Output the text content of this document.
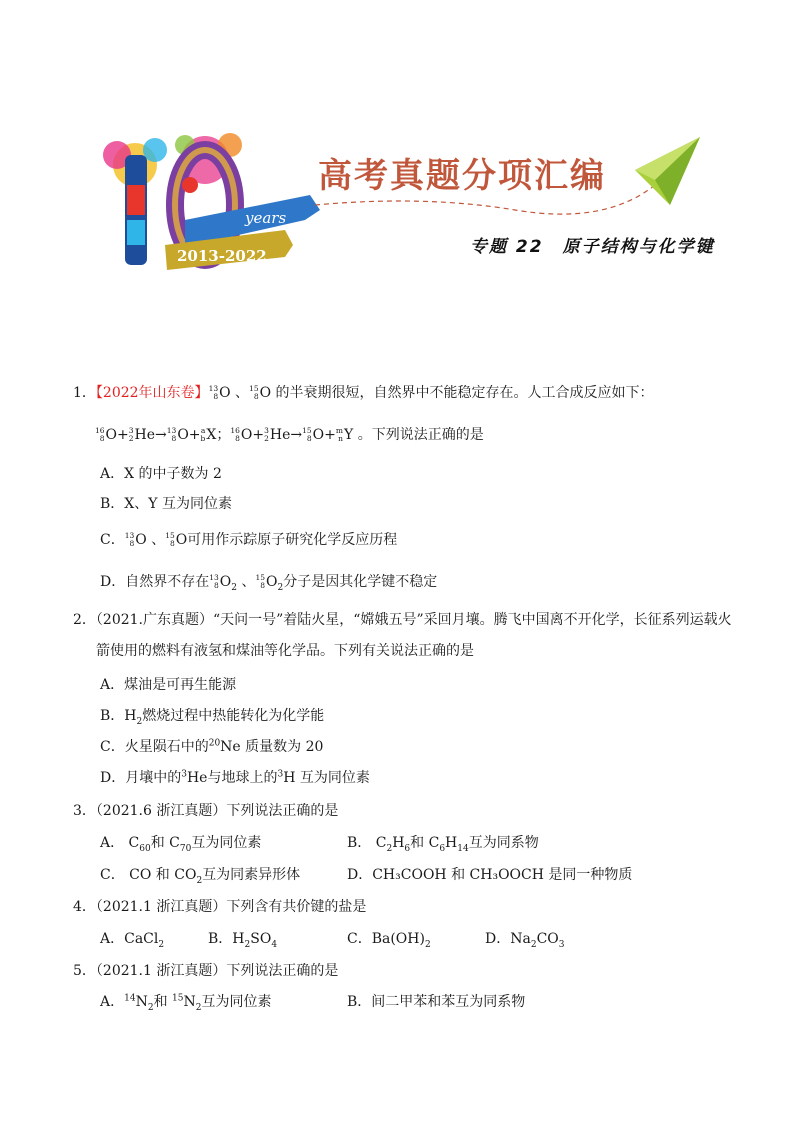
years
2013-2022
高考真题分项汇编
专题 22　原子结构与化学键
1．【2022年山东卷】 13
8 O 、 15
8 O 的半衰期很短，自然界中不能稳定存在。人工合成反应如下：
16
8 O+ 3
2 He→ 13
8 O+ a
b X； 16
8 O+ 3
2 He→ 15
8 O+ m
n Y 。下列说法正确的是
A．X 的中子数为 2
B．X、Y 互为同位素
C． 13
8 O 、 15
8 O可用作示踪原子研究化学反应历程
D．自然界不存在 13
8 $O_2$ 、 15
8 $O_2$分子是因其化学键不稳定
2．（2021.广东真题）“天问一号”着陆火星，“嫦娥五号”采回月壤。腾飞中国离不开化学，长征系列运载火
箭使用的燃料有液氢和煤油等化学品。下列有关说法正确的是
A．煤油是可再生能源
B．$H_2$燃烧过程中热能转化为化学能
C．火星陨石中的$^{20}$Ne 质量数为 20
D．月壤中的$^3$He与地球上的$^3$H 互为同位素
3．（2021.6 浙江真题）下列说法正确的是
A． $C_{60}$和 $C_{70}$互为同位素	B． $C_2H_6$和 $C_6H_{14}$互为同系物
C． CO 和 $CO_2$互为同素异形体	D．CH₃COOH 和 CH₃OOCH 是同一种物质
4．（2021.1 浙江真题）下列含有共价键的盐是
A．CaCl$_2$	B．$H_2SO_4$	C．$Ba(OH)_2$	D．$Na_2CO_3$
5．（2021.1 浙江真题）下列说法正确的是
A．$^{14}N_2$和 $^{15}N_2$互为同位素	B．间二甲苯和苯互为同系物
